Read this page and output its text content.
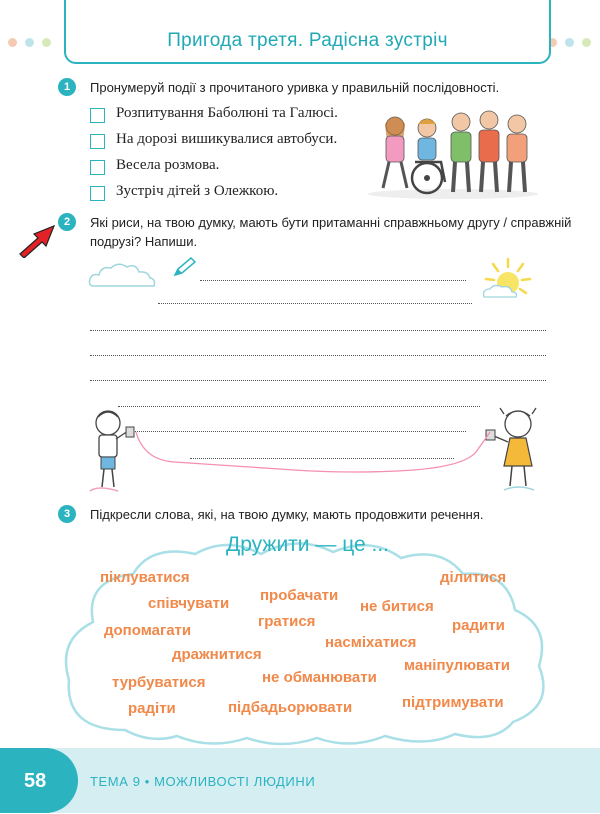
Пригода третя. Радісна зустріч
1	Пронумеруй події з прочитаного уривка у правильній послідовності.
Розпитування Баболюні та Галюсі.
На дорозі вишикувалися автобуси.
Весела розмова.
Зустріч дітей з Олежкою.
2	Які риси, на твою думку, мають бути притаманні справжньому другу / справжній
подрузі? Напиши.
3	Підкресли слова, які, на твою думку, мають продовжити речення.
Дружити — це ...
піклуватися	ділитися
співчувати пробачати
не битися
гратися	радити
допомагати
насміхатися
дражнитися
маніпулювати
турбуватися	не обманювати
радіти	підбадьорювати	підтримувати
58	ТЕМА 9 • МОЖЛИВОСТІ ЛЮДИНИ
